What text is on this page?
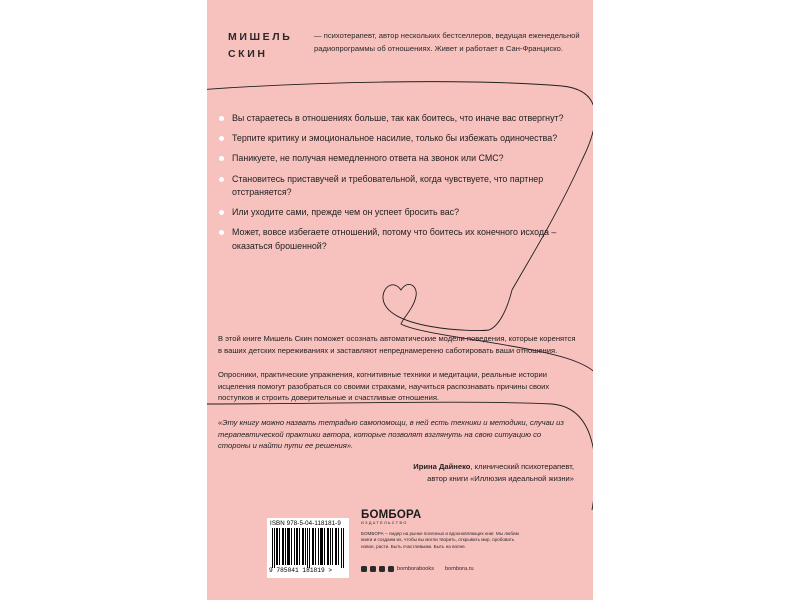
МИШЕЛЬ СКИН
— психотерапевт, автор нескольких бестселлеров, ведущая еженедельной радиопрограммы об отношениях. Живет и работает в Сан-Франциско.
Вы стараетесь в отношениях больше, так как боитесь, что иначе вас отвергнут?
Терпите критику и эмоциональное насилие, только бы избежать одиночества?
Паникуете, не получая немедленного ответа на звонок или СМС?
Становитесь приставучей и требовательной, когда чувствуете, что партнер отстраняется?
Или уходите сами, прежде чем он успеет бросить вас?
Может, вовсе избегаете отношений, потому что боитесь их конечного исхода – оказаться брошенной?
В этой книге Мишель Скин поможет осознать автоматические модели поведения, которые коренятся в ваших детских переживаниях и заставляют непреднамеренно саботировать ваши отношения.
Опросники, практические упражнения, когнитивные техники и медитации, реальные истории исцеления помогут разобраться со своими страхами, научиться распознавать причины своих поступков и строить доверительные и счастливые отношения.
«Эту книгу можно назвать тетрадью самопомощи, в ней есть техники и методики, случаи из терапевтической практики автора, которые позволят взглянуть на свою ситуацию со стороны и найти пути ее решения».
Ирина Дайнеко, клинический психотерапевт,
автор книги «Иллюзия идеальной жизни»
ISBN 978-5-04-118181-9
9 785041 181819 >
БОМБОРА
ИЗДАТЕЛЬСТВО
БОМБОРА – лидер на рынке полезных и вдохновляющих книг. Мы любим книги и создаем их, чтобы вы могли творить, открывать мир, пробовать новое, расти. Быть счастливыми. Быть на волне.
bomborabooks bombora.ru
